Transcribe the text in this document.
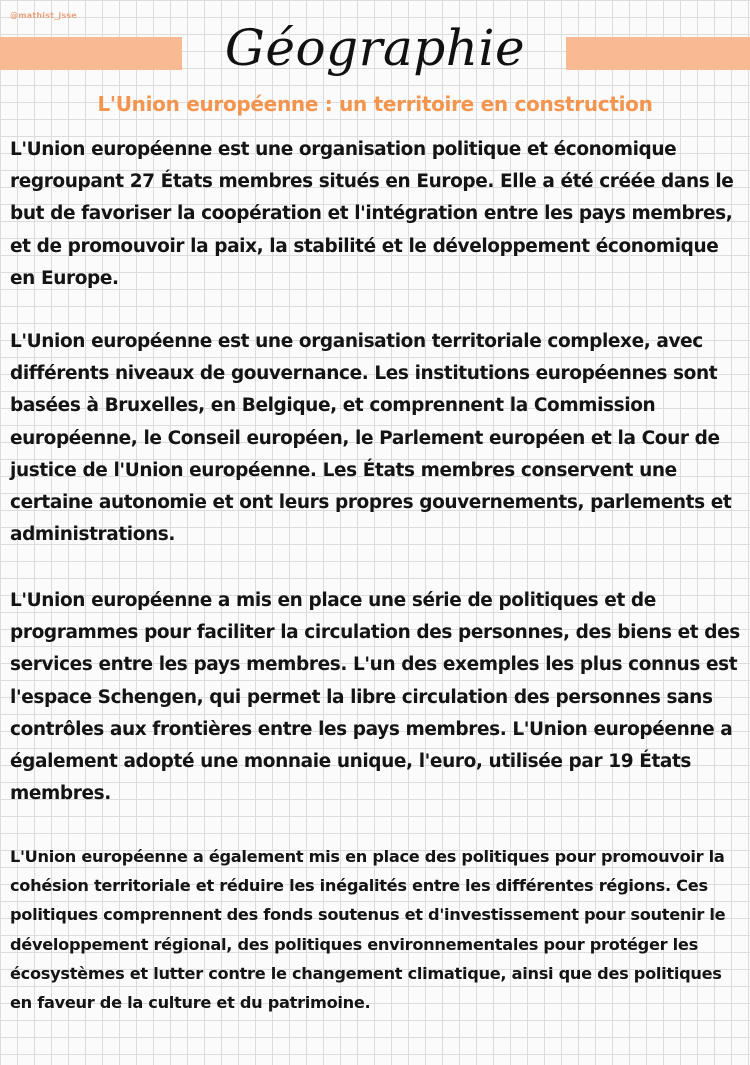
@mathist_jsse
Géographie
L'Union européenne : un territoire en construction

L'Union européenne est une organisation politique et économique regroupant 27 États membres situés en Europe. Elle a été créée dans le but de favoriser la coopération et l'intégration entre les pays membres, et de promouvoir la paix, la stabilité et le développement économique en Europe.

L'Union européenne est une organisation territoriale complexe, avec différents niveaux de gouvernance. Les institutions européennes sont basées à Bruxelles, en Belgique, et comprennent la Commission européenne, le Conseil européen, le Parlement européen et la Cour de justice de l'Union européenne. Les États membres conservent une certaine autonomie et ont leurs propres gouvernements, parlements et administrations.

L'Union européenne a mis en place une série de politiques et de programmes pour faciliter la circulation des personnes, des biens et des services entre les pays membres. L'un des exemples les plus connus est l'espace Schengen, qui permet la libre circulation des personnes sans contrôles aux frontières entre les pays membres. L'Union européenne a également adopté une monnaie unique, l'euro, utilisée par 19 États membres.

L'Union européenne a également mis en place des politiques pour promouvoir la cohésion territoriale et réduire les inégalités entre les différentes régions. Ces politiques comprennent des fonds soutenus et d'investissement pour soutenir le développement régional, des politiques environnementales pour protéger les écosystèmes et lutter contre le changement climatique, ainsi que des politiques en faveur de la culture et du patrimoine.
